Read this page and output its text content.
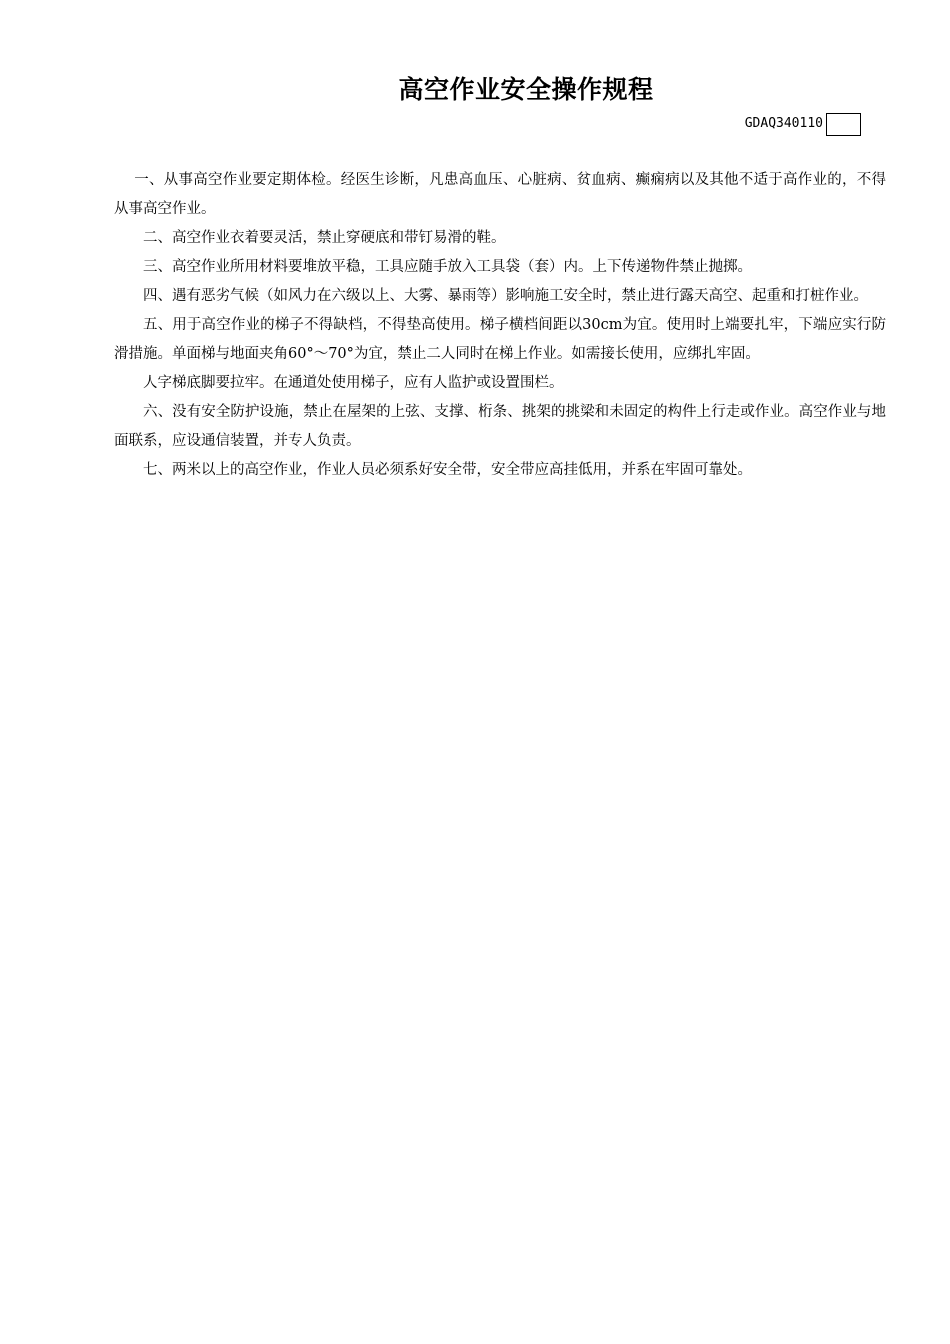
高空作业安全操作规程
GDAQ340110

一、从事高空作业要定期体检。经医生诊断，凡患高血压、心脏病、贫血病、癫痫病以及其他不适于高作业的，不得从事高空作业。

二、高空作业衣着要灵活，禁止穿硬底和带钉易滑的鞋。

三、高空作业所用材料要堆放平稳，工具应随手放入工具袋（套）内。上下传递物件禁止抛掷。

四、遇有恶劣气候（如风力在六级以上、大雾、暴雨等）影响施工安全时，禁止进行露天高空、起重和打桩作业。

五、用于高空作业的梯子不得缺档，不得垫高使用。梯子横档间距以30cm为宜。使用时上端要扎牢，下端应实行防滑措施。单面梯与地面夹角60°～70°为宜，禁止二人同时在梯上作业。如需接长使用，应绑扎牢固。

人字梯底脚要拉牢。在通道处使用梯子，应有人监护或设置围栏。

六、没有安全防护设施，禁止在屋架的上弦、支撑、桁条、挑架的挑梁和未固定的构件上行走或作业。高空作业与地面联系，应设通信装置，并专人负责。

七、两米以上的高空作业，作业人员必须系好安全带，安全带应高挂低用，并系在牢固可靠处。
